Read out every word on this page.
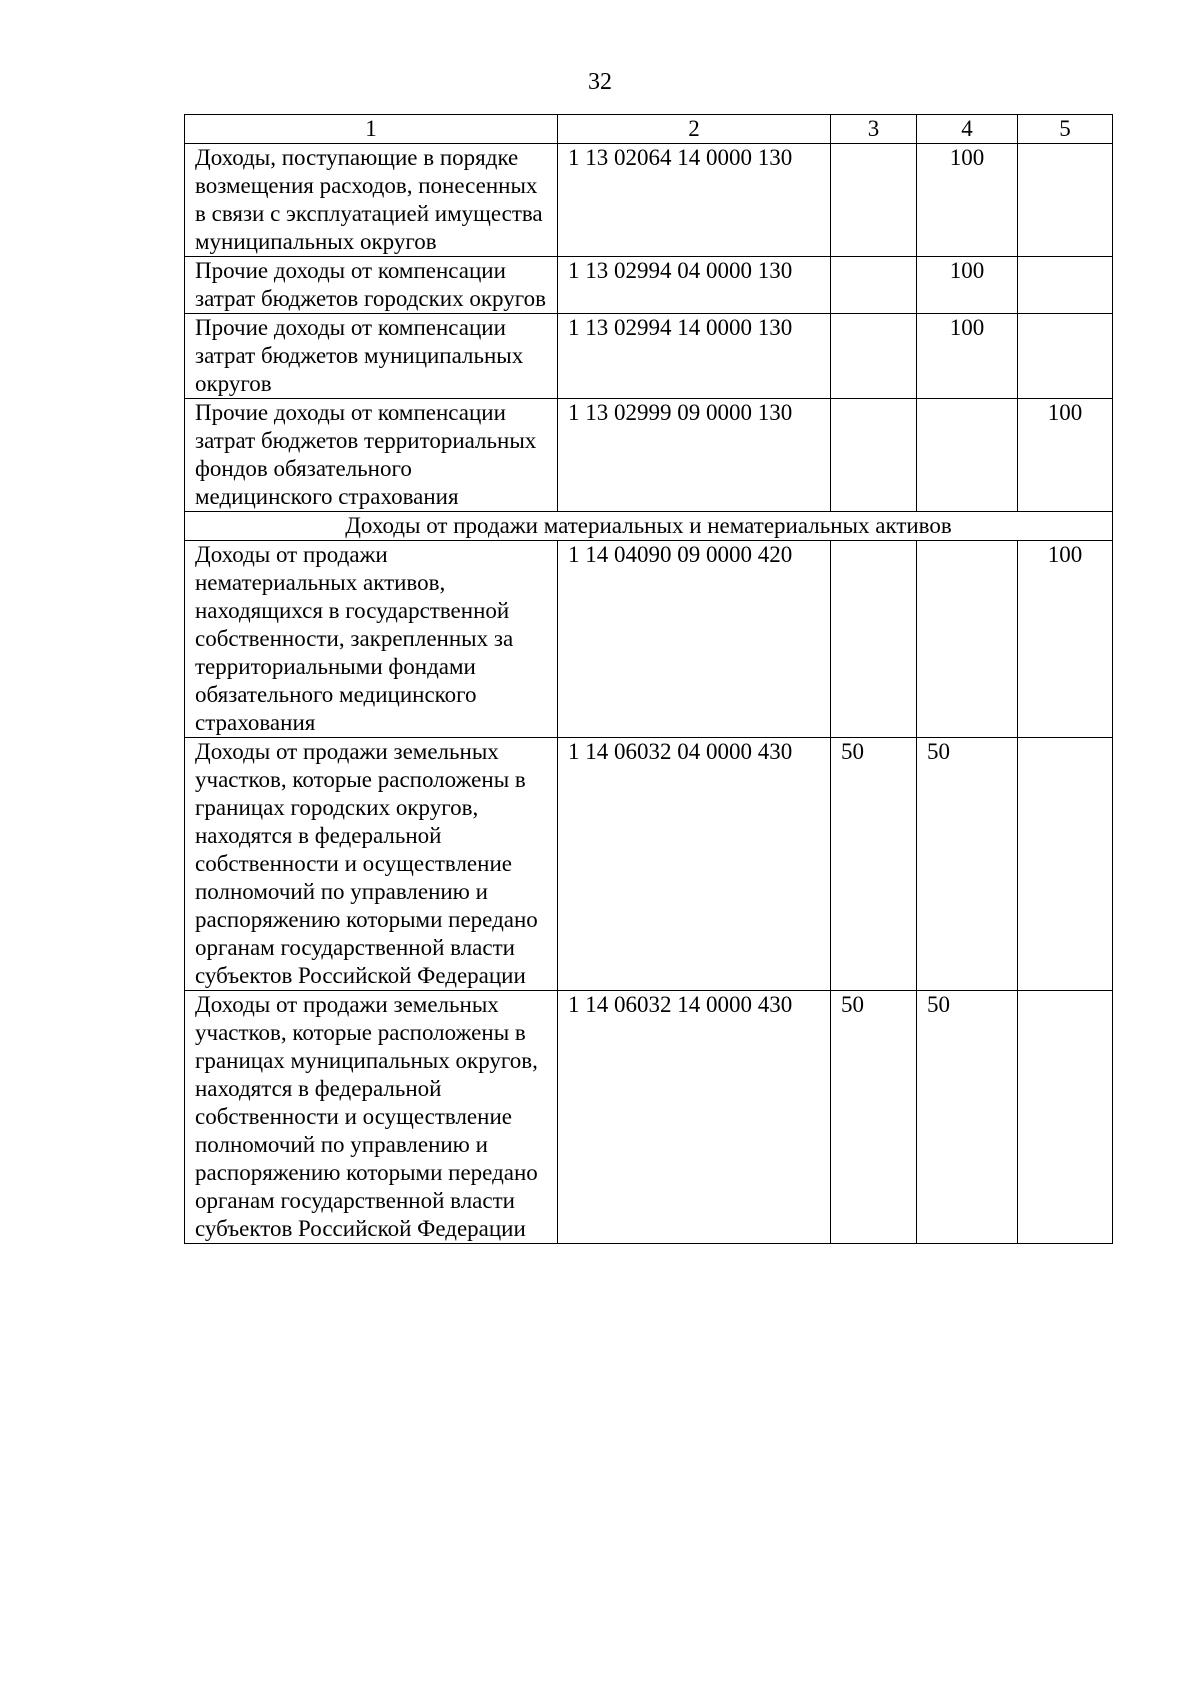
32
1	2	3	4	5
Доходы, поступающие в порядке возмещения расходов, понесенных в связи с эксплуатацией имущества муниципальных округов	1 13 02064 14 0000 130		100	
Прочие доходы от компенсации затрат бюджетов городских округов	1 13 02994 04 0000 130		100	
Прочие доходы от компенсации затрат бюджетов муниципальных округов	1 13 02994 14 0000 130		100	
Прочие доходы от компенсации затрат бюджетов территориальных фондов обязательного медицинского страхования	1 13 02999 09 0000 130			100
Доходы от продажи материальных и нематериальных активов				
Доходы от продажи нематериальных активов, находящихся в государственной собственности, закрепленных за территориальными фондами обязательного медицинского страхования	1 14 04090 09 0000 420			100
Доходы от продажи земельных участков, которые расположены в границах городских округов, находятся в федеральной собственности и осуществление полномочий по управлению и распоряжению которыми передано органам государственной власти субъектов Российской Федерации	1 14 06032 04 0000 430	50	50	
Доходы от продажи земельных участков, которые расположены в границах муниципальных округов, находятся в федеральной собственности и осуществление полномочий по управлению и распоряжению которыми передано органам государственной власти субъектов Российской Федерации	1 14 06032 14 0000 430	50	50	
